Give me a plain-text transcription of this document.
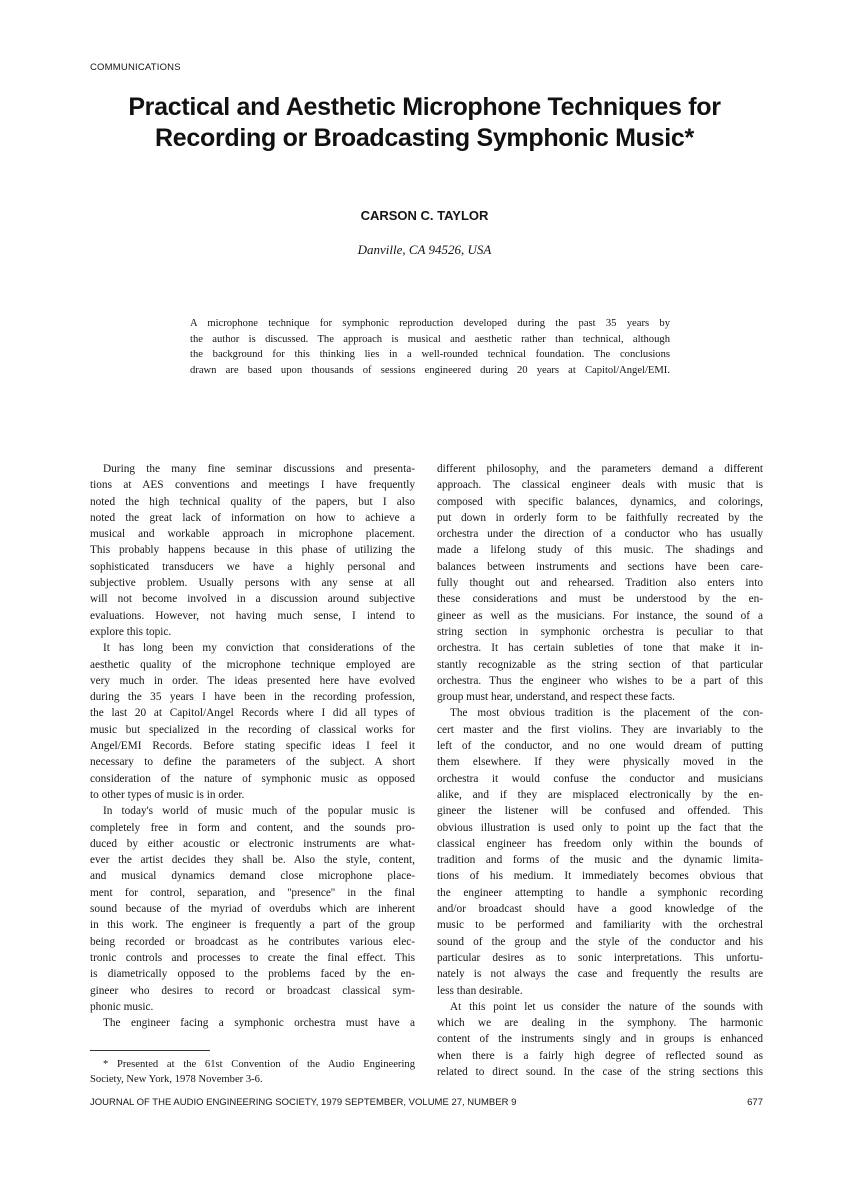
COMMUNICATIONS
Practical and Aesthetic Microphone Techniques for
Recording or Broadcasting Symphonic Music*
CARSON C. TAYLOR
Danville, CA 94526, USA
A microphone technique for symphonic reproduction developed during the past 35 years by
the author is discussed. The approach is musical and aesthetic rather than technical, although
the background for this thinking lies in a well-rounded technical foundation. The conclusions
drawn are based upon thousands of sessions engineered during 20 years at Capitol/Angel/EMI.
During the many fine seminar discussions and presenta-
tions at AES conventions and meetings I have frequently
noted the high technical quality of the papers, but I also
noted the great lack of information on how to achieve a
musical and workable approach in microphone placement.
This probably happens because in this phase of utilizing the
sophisticated transducers we have a highly personal and
subjective problem. Usually persons with any sense at all
will not become involved in a discussion around subjective
evaluations. However, not having much sense, I intend to
explore this topic.
It has long been my conviction that considerations of the
aesthetic quality of the microphone technique employed are
very much in order. The ideas presented here have evolved
during the 35 years I have been in the recording profession,
the last 20 at Capitol/Angel Records where I did all types of
music but specialized in the recording of classical works for
Angel/EMI Records. Before stating specific ideas I feel it
necessary to define the parameters of the subject. A short
consideration of the nature of symphonic music as opposed
to other types of music is in order.
In today's world of music much of the popular music is
completely free in form and content, and the sounds pro-
duced by either acoustic or electronic instruments are what-
ever the artist decides they shall be. Also the style, content,
and musical dynamics demand close microphone place-
ment for control, separation, and ''presence'' in the final
sound because of the myriad of overdubs which are inherent
in this work. The engineer is frequently a part of the group
being recorded or broadcast as he contributes various elec-
tronic controls and processes to create the final effect. This
is diametrically opposed to the problems faced by the en-
gineer who desires to record or broadcast classical sym-
phonic music.
The engineer facing a symphonic orchestra must have a
different philosophy, and the parameters demand a different
approach. The classical engineer deals with music that is
composed with specific balances, dynamics, and colorings,
put down in orderly form to be faithfully recreated by the
orchestra under the direction of a conductor who has usually
made a lifelong study of this music. The shadings and
balances between instruments and sections have been care-
fully thought out and rehearsed. Tradition also enters into
these considerations and must be understood by the en-
gineer as well as the musicians. For instance, the sound of a
string section in symphonic orchestra is peculiar to that
orchestra. It has certain subleties of tone that make it in-
stantly recognizable as the string section of that particular
orchestra. Thus the engineer who wishes to be a part of this
group must hear, understand, and respect these facts.
The most obvious tradition is the placement of the con-
cert master and the first violins. They are invariably to the
left of the conductor, and no one would dream of putting
them elsewhere. If they were physically moved in the
orchestra it would confuse the conductor and musicians
alike, and if they are misplaced electronically by the en-
gineer the listener will be confused and offended. This
obvious illustration is used only to point up the fact that the
classical engineer has freedom only within the bounds of
tradition and forms of the music and the dynamic limita-
tions of his medium. It immediately becomes obvious that
the engineer attempting to handle a symphonic recording
and/or broadcast should have a good knowledge of the
music to be performed and familiarity with the orchestral
sound of the group and the style of the conductor and his
particular desires as to sonic interpretations. This unfortu-
nately is not always the case and frequently the results are
less than desirable.
At this point let us consider the nature of the sounds with
which we are dealing in the symphony. The harmonic
content of the instruments singly and in groups is enhanced
when there is a fairly high degree of reflected sound as
related to direct sound. In the case of the string sections this
* Presented at the 61st Convention of the Audio Engineering
Society, New York, 1978 November 3-6.
JOURNAL OF THE AUDIO ENGINEERING SOCIETY, 1979 SEPTEMBER, VOLUME 27, NUMBER 9	677
